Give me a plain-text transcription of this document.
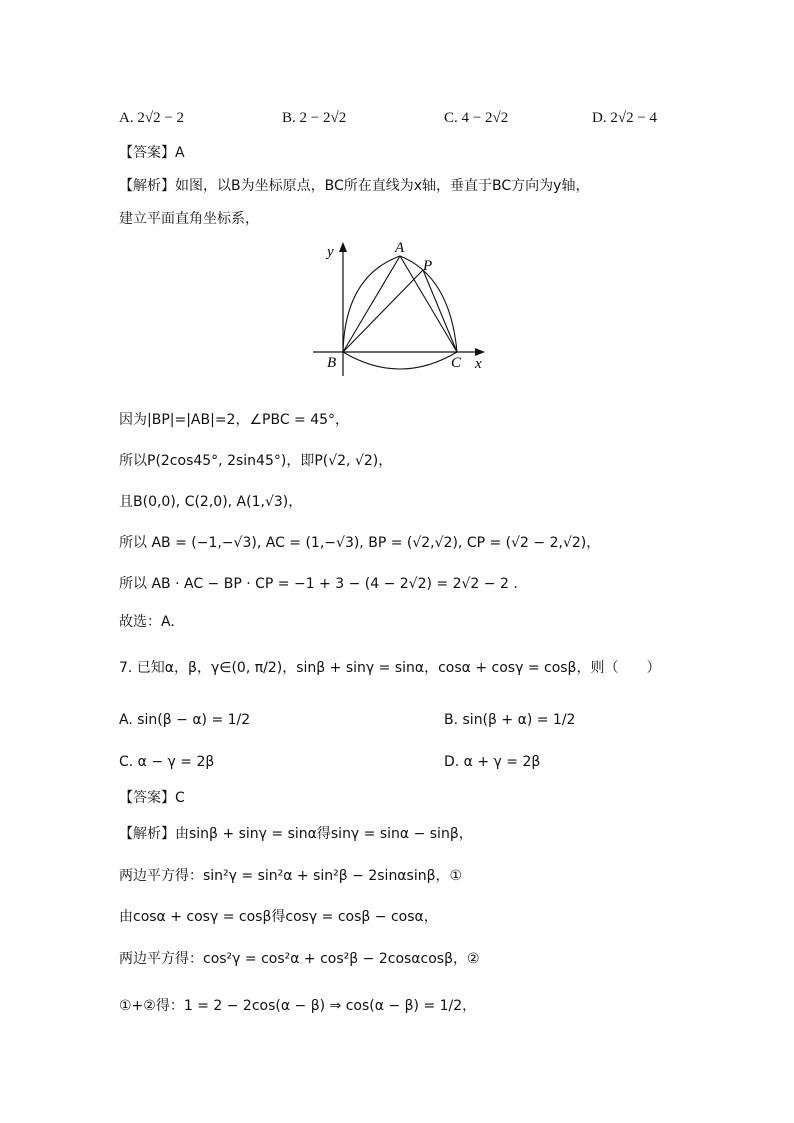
A. 2√2 − 2	B. 2 − 2√2	C. 4 − 2√2	D. 2√2 − 4
【答案】A
【解析】如图，以B为坐标原点，BC所在直线为x轴，垂直于BC方向为y轴，
建立平面直角坐标系，
y	A
P
B	C x
因为|BP|=|AB|=2，∠PBC = 45°，
所以P(2cos45°, 2sin45°)，即P(√2, √2)，
且B(0,0), C(2,0), A(1,√3)，
所以 AB = (−1,−√3), AC = (1,−√3), BP = (√2,√2), CP = (√2 − 2,√2)，
所以 AB · AC − BP · CP = −1 + 3 − (4 − 2√2) = 2√2 − 2 .
故选：A.
7. 已知α，β，γ∈(0, π/2)，sinβ + sinγ = sinα，cosα + cosγ = cosβ，则（　　）
A. sin(β − α) = 1/2	B. sin(β + α) = 1/2
C. α − γ = 2β	D. α + γ = 2β
【答案】C
【解析】由sinβ + sinγ = sinα得sinγ = sinα − sinβ，
两边平方得：sin²γ = sin²α + sin²β − 2sinαsinβ，①
由cosα + cosγ = cosβ得cosγ = cosβ − cosα，
两边平方得：cos²γ = cos²α + cos²β − 2cosαcosβ，②
①+②得：1 = 2 − 2cos(α − β) ⇒ cos(α − β) = 1/2，
